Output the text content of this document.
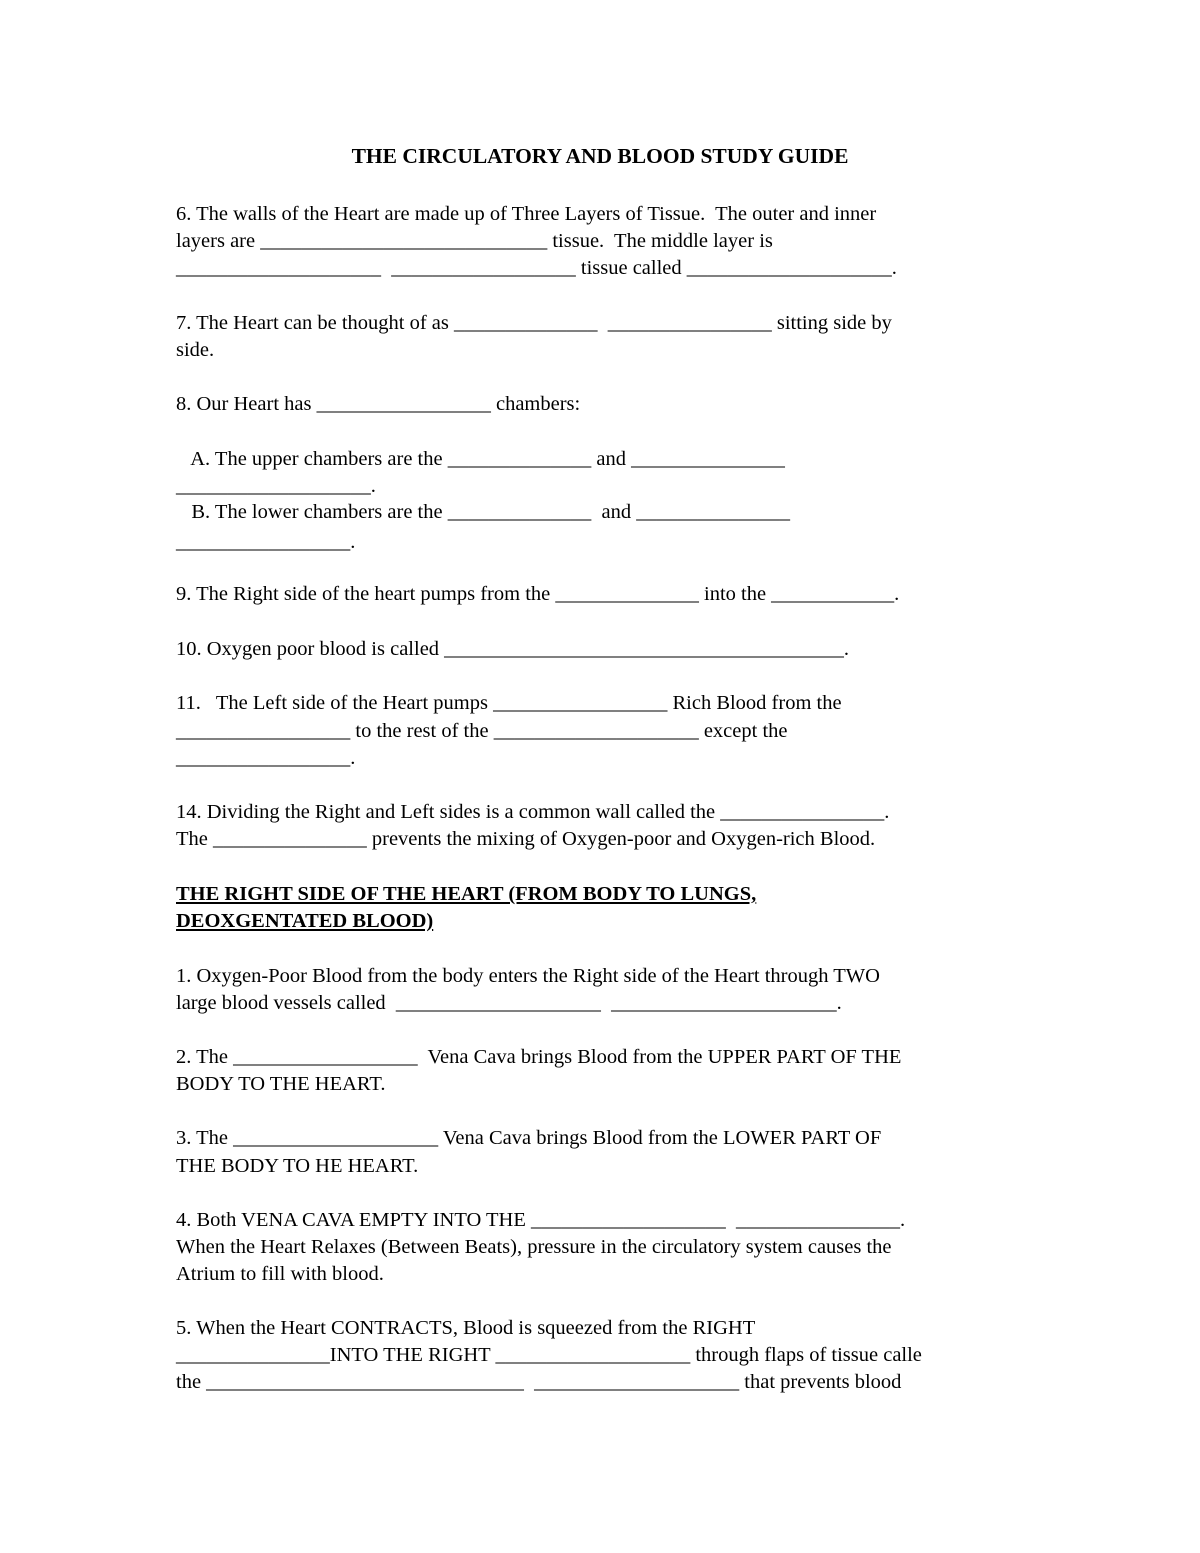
THE CIRCULATORY AND BLOOD STUDY GUIDE

6. The walls of the Heart are made up of Three Layers of Tissue.  The outer and inner

layers are ____________________________ tissue.  The middle layer is

____________________  __________________ tissue called ____________________.

7. The Heart can be thought of as ______________  ________________ sitting side by

side.

8. Our Heart has _________________ chambers:

A. The upper chambers are the ______________ and _______________

___________________.

B. The lower chambers are the ______________  and _______________

_________________.

9. The Right side of the heart pumps from the ______________ into the ____________.

10. Oxygen poor blood is called _______________________________________.

11.   The Left side of the Heart pumps _________________ Rich Blood from the

_________________ to the rest of the ____________________ except the

_________________.

14. Dividing the Right and Left sides is a common wall called the ________________.

The _______________ prevents the mixing of Oxygen-poor and Oxygen-rich Blood.

THE RIGHT SIDE OF THE HEART (FROM BODY TO LUNGS,

DEOXGENTATED BLOOD)

1. Oxygen-Poor Blood from the body enters the Right side of the Heart through TWO

large blood vessels called  ____________________  ______________________.

2. The __________________  Vena Cava brings Blood from the UPPER PART OF THE

BODY TO THE HEART.

3. The ____________________ Vena Cava brings Blood from the LOWER PART OF

THE BODY TO HE HEART.

4. Both VENA CAVA EMPTY INTO THE ___________________  ________________.

When the Heart Relaxes (Between Beats), pressure in the circulatory system causes the

Atrium to fill with blood.

5. When the Heart CONTRACTS, Blood is squeezed from the RIGHT

_______________INTO THE RIGHT ___________________ through flaps of tissue calle

the _______________________________  ____________________ that prevents blood
